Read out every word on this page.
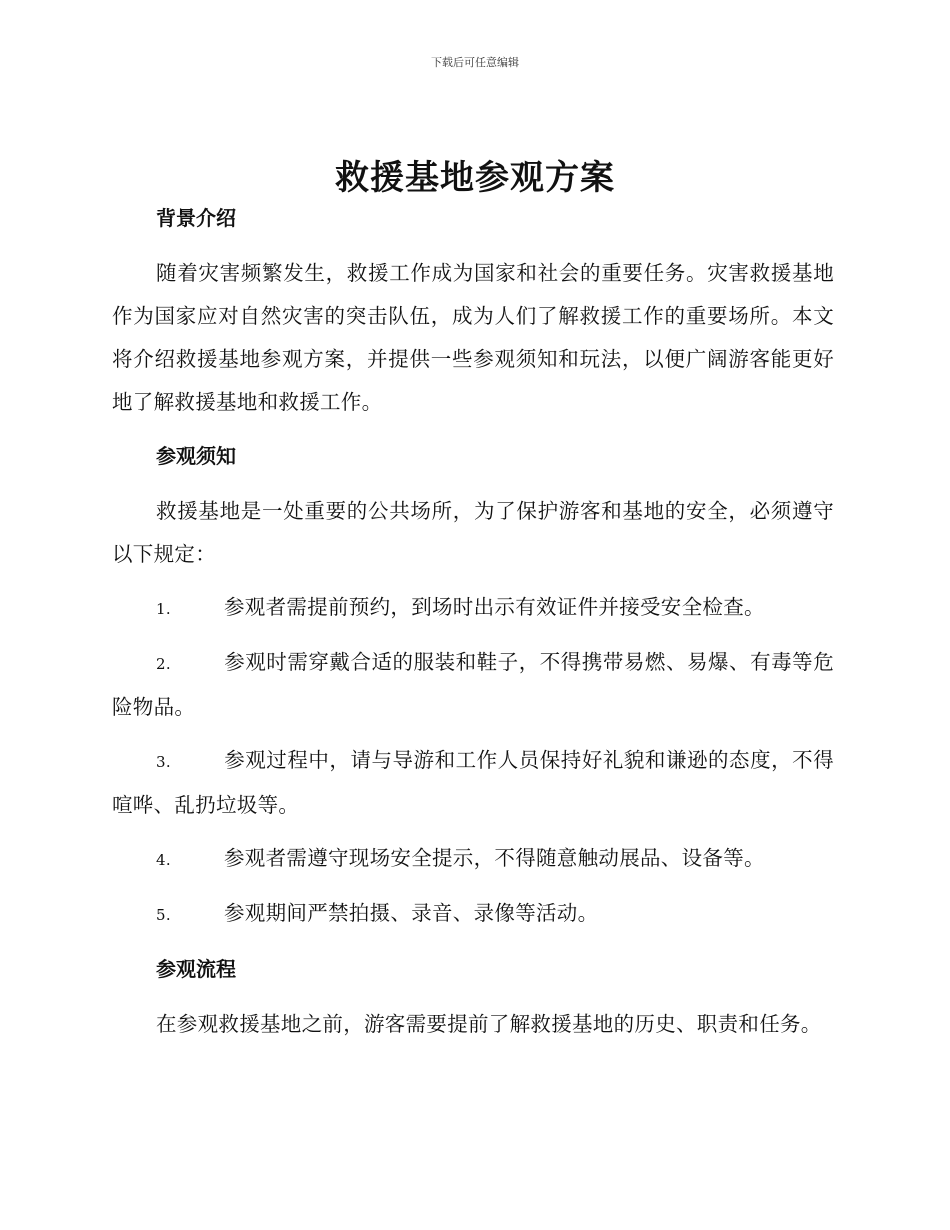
下载后可任意编辑
救援基地参观方案
背景介绍

随着灾害频繁发生，救援工作成为国家和社会的重要任务。灾害救援基地作为国家应对自然灾害的突击队伍，成为人们了解救援工作的重要场所。本文将介绍救援基地参观方案，并提供一些参观须知和玩法，以便广阔游客能更好地了解救援基地和救援工作。

参观须知

救援基地是一处重要的公共场所，为了保护游客和基地的安全，必须遵守以下规定：

1.	参观者需提前预约，到场时出示有效证件并接受安全检查。

2.	参观时需穿戴合适的服装和鞋子，不得携带易燃、易爆、有毒等危险物品。

3.	参观过程中，请与导游和工作人员保持好礼貌和谦逊的态度，不得喧哗、乱扔垃圾等。

4.	参观者需遵守现场安全提示，不得随意触动展品、设备等。

5.	参观期间严禁拍摄、录音、录像等活动。

参观流程

在参观救援基地之前，游客需要提前了解救援基地的历史、职责和任务。
